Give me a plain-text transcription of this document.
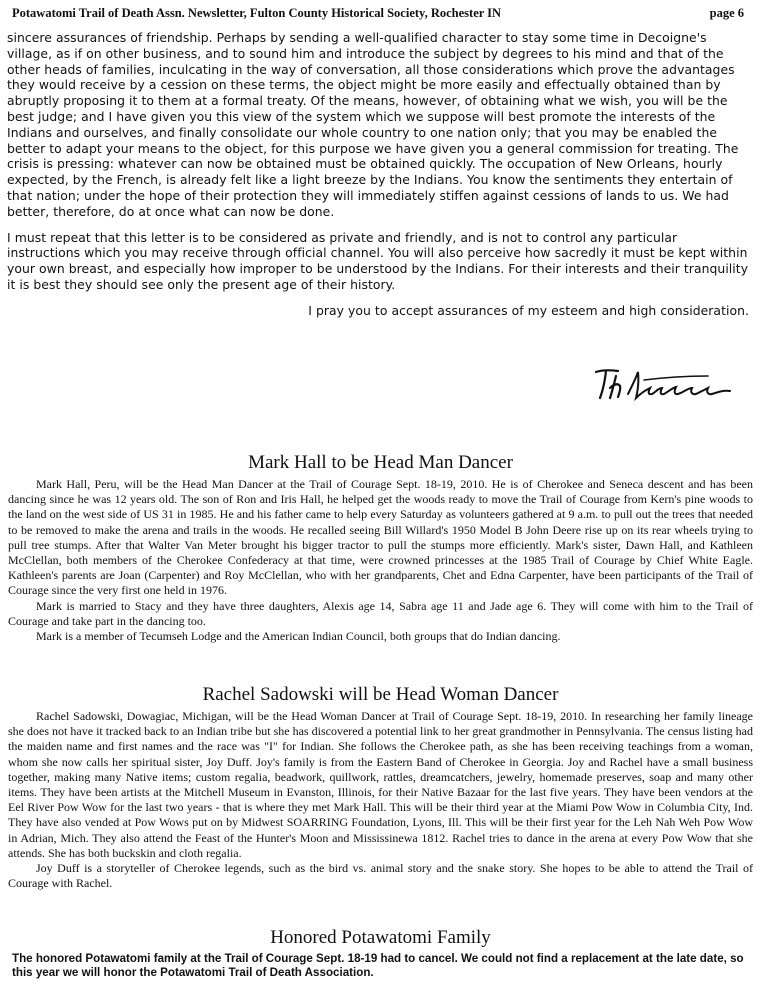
Potawatomi Trail of Death Assn. Newsletter, Fulton County Historical Society, Rochester IN	page 6

sincere assurances of friendship. Perhaps by sending a well-qualified character to stay some time in Decoigne's village, as if on other business, and to sound him and introduce the subject by degrees to his mind and that of the other heads of families, inculcating in the way of conversation, all those considerations which prove the advantages they would receive by a cession on these terms, the object might be more easily and effectually obtained than by abruptly proposing it to them at a formal treaty. Of the means, however, of obtaining what we wish, you will be the best judge; and I have given you this view of the system which we suppose will best promote the interests of the Indians and ourselves, and finally consolidate our whole country to one nation only; that you may be enabled the better to adapt your means to the object, for this purpose we have given you a general commission for treating. The crisis is pressing: whatever can now be obtained must be obtained quickly. The occupation of New Orleans, hourly expected, by the French, is already felt like a light breeze by the Indians. You know the sentiments they entertain of that nation; under the hope of their protection they will immediately stiffen against cessions of lands to us. We had better, therefore, do at once what can now be done.

I must repeat that this letter is to be considered as private and friendly, and is not to control any particular instructions which you may receive through official channel. You will also perceive how sacredly it must be kept within your own breast, and especially how improper to be understood by the Indians. For their interests and their tranquility it is best they should see only the present age of their history.

I pray you to accept assurances of my esteem and high consideration.

Mark Hall to be Head Man Dancer

Mark Hall, Peru, will be the Head Man Dancer at the Trail of Courage Sept. 18-19, 2010. He is of Cherokee and Seneca descent and has been dancing since he was 12 years old. The son of Ron and Iris Hall, he helped get the woods ready to move the Trail of Courage from Kern's pine woods to the land on the west side of US 31 in 1985. He and his father came to help every Saturday as volunteers gathered at 9 a.m. to pull out the trees that needed to be removed to make the arena and trails in the woods. He recalled seeing Bill Willard's 1950 Model B John Deere rise up on its rear wheels trying to pull tree stumps. After that Walter Van Meter brought his bigger tractor to pull the stumps more efficiently. Mark's sister, Dawn Hall, and Kathleen McClellan, both members of the Cherokee Confederacy at that time, were crowned princesses at the 1985 Trail of Courage by Chief White Eagle. Kathleen's parents are Joan (Carpenter) and Roy McClellan, who with her grandparents, Chet and Edna Carpenter, have been participants of the Trail of Courage since the very first one held in 1976.

Mark is married to Stacy and they have three daughters, Alexis age 14, Sabra age 11 and Jade age 6. They will come with him to the Trail of Courage and take part in the dancing too.

Mark is a member of Tecumseh Lodge and the American Indian Council, both groups that do Indian dancing.

Rachel Sadowski will be Head Woman Dancer

Rachel Sadowski, Dowagiac, Michigan, will be the Head Woman Dancer at Trail of Courage Sept. 18-19, 2010. In researching her family lineage she does not have it tracked back to an Indian tribe but she has discovered a potential link to her great grandmother in Pennsylvania. The census listing had the maiden name and first names and the race was "I" for Indian. She follows the Cherokee path, as she has been receiving teachings from a woman, whom she now calls her spiritual sister, Joy Duff. Joy's family is from the Eastern Band of Cherokee in Georgia. Joy and Rachel have a small business together, making many Native items; custom regalia, beadwork, quillwork, rattles, dreamcatchers, jewelry, homemade preserves, soap and many other items. They have been artists at the Mitchell Museum in Evanston, Illinois, for their Native Bazaar for the last five years. They have been vendors at the Eel River Pow Wow for the last two years - that is where they met Mark Hall. This will be their third year at the Miami Pow Wow in Columbia City, Ind. They have also vended at Pow Wows put on by Midwest SOARRING Foundation, Lyons, Ill. This will be their first year for the Leh Nah Weh Pow Wow in Adrian, Mich. They also attend the Feast of the Hunter's Moon and Mississinewa 1812. Rachel tries to dance in the arena at every Pow Wow that she attends. She has both buckskin and cloth regalia.

Joy Duff is a storyteller of Cherokee legends, such as the bird vs. animal story and the snake story. She hopes to be able to attend the Trail of Courage with Rachel.

Honored Potawatomi Family

The honored Potawatomi family at the Trail of Courage Sept. 18-19 had to cancel. We could not find a replacement at the late date, so this year we will honor the Potawatomi Trail of Death Association.
